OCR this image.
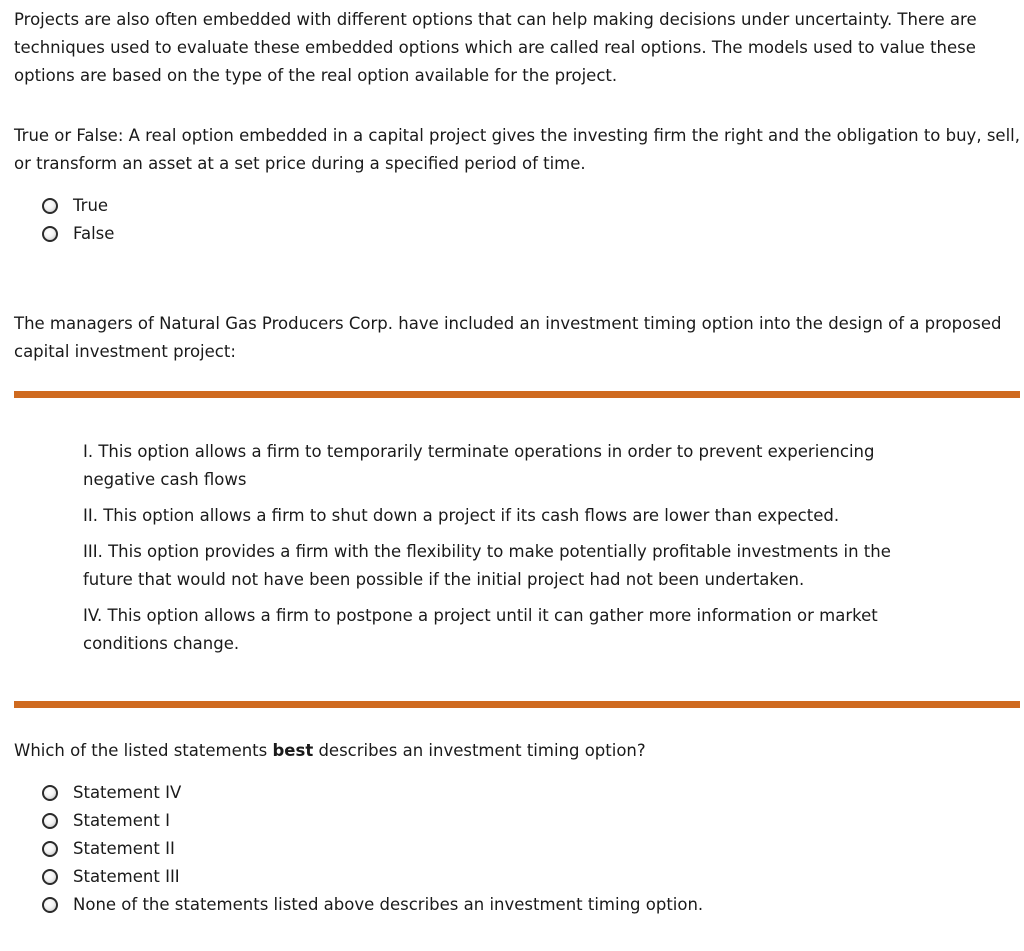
Projects are also often embedded with different options that can help making decisions under uncertainty. There are techniques used to evaluate these embedded options which are called real options. The models used to value these options are based on the type of the real option available for the project.

True or False: A real option embedded in a capital project gives the investing firm the right and the obligation to buy, sell, or transform an asset at a set price during a specified period of time.

True
False

The managers of Natural Gas Producers Corp. have included an investment timing option into the design of a proposed capital investment project:

I. This option allows a firm to temporarily terminate operations in order to prevent experiencing negative cash flows
II. This option allows a firm to shut down a project if its cash flows are lower than expected.
III. This option provides a firm with the flexibility to make potentially profitable investments in the future that would not have been possible if the initial project had not been undertaken.
IV. This option allows a firm to postpone a project until it can gather more information or market conditions change.

Which of the listed statements best describes an investment timing option?

Statement IV
Statement I
Statement II
Statement III
None of the statements listed above describes an investment timing option.
